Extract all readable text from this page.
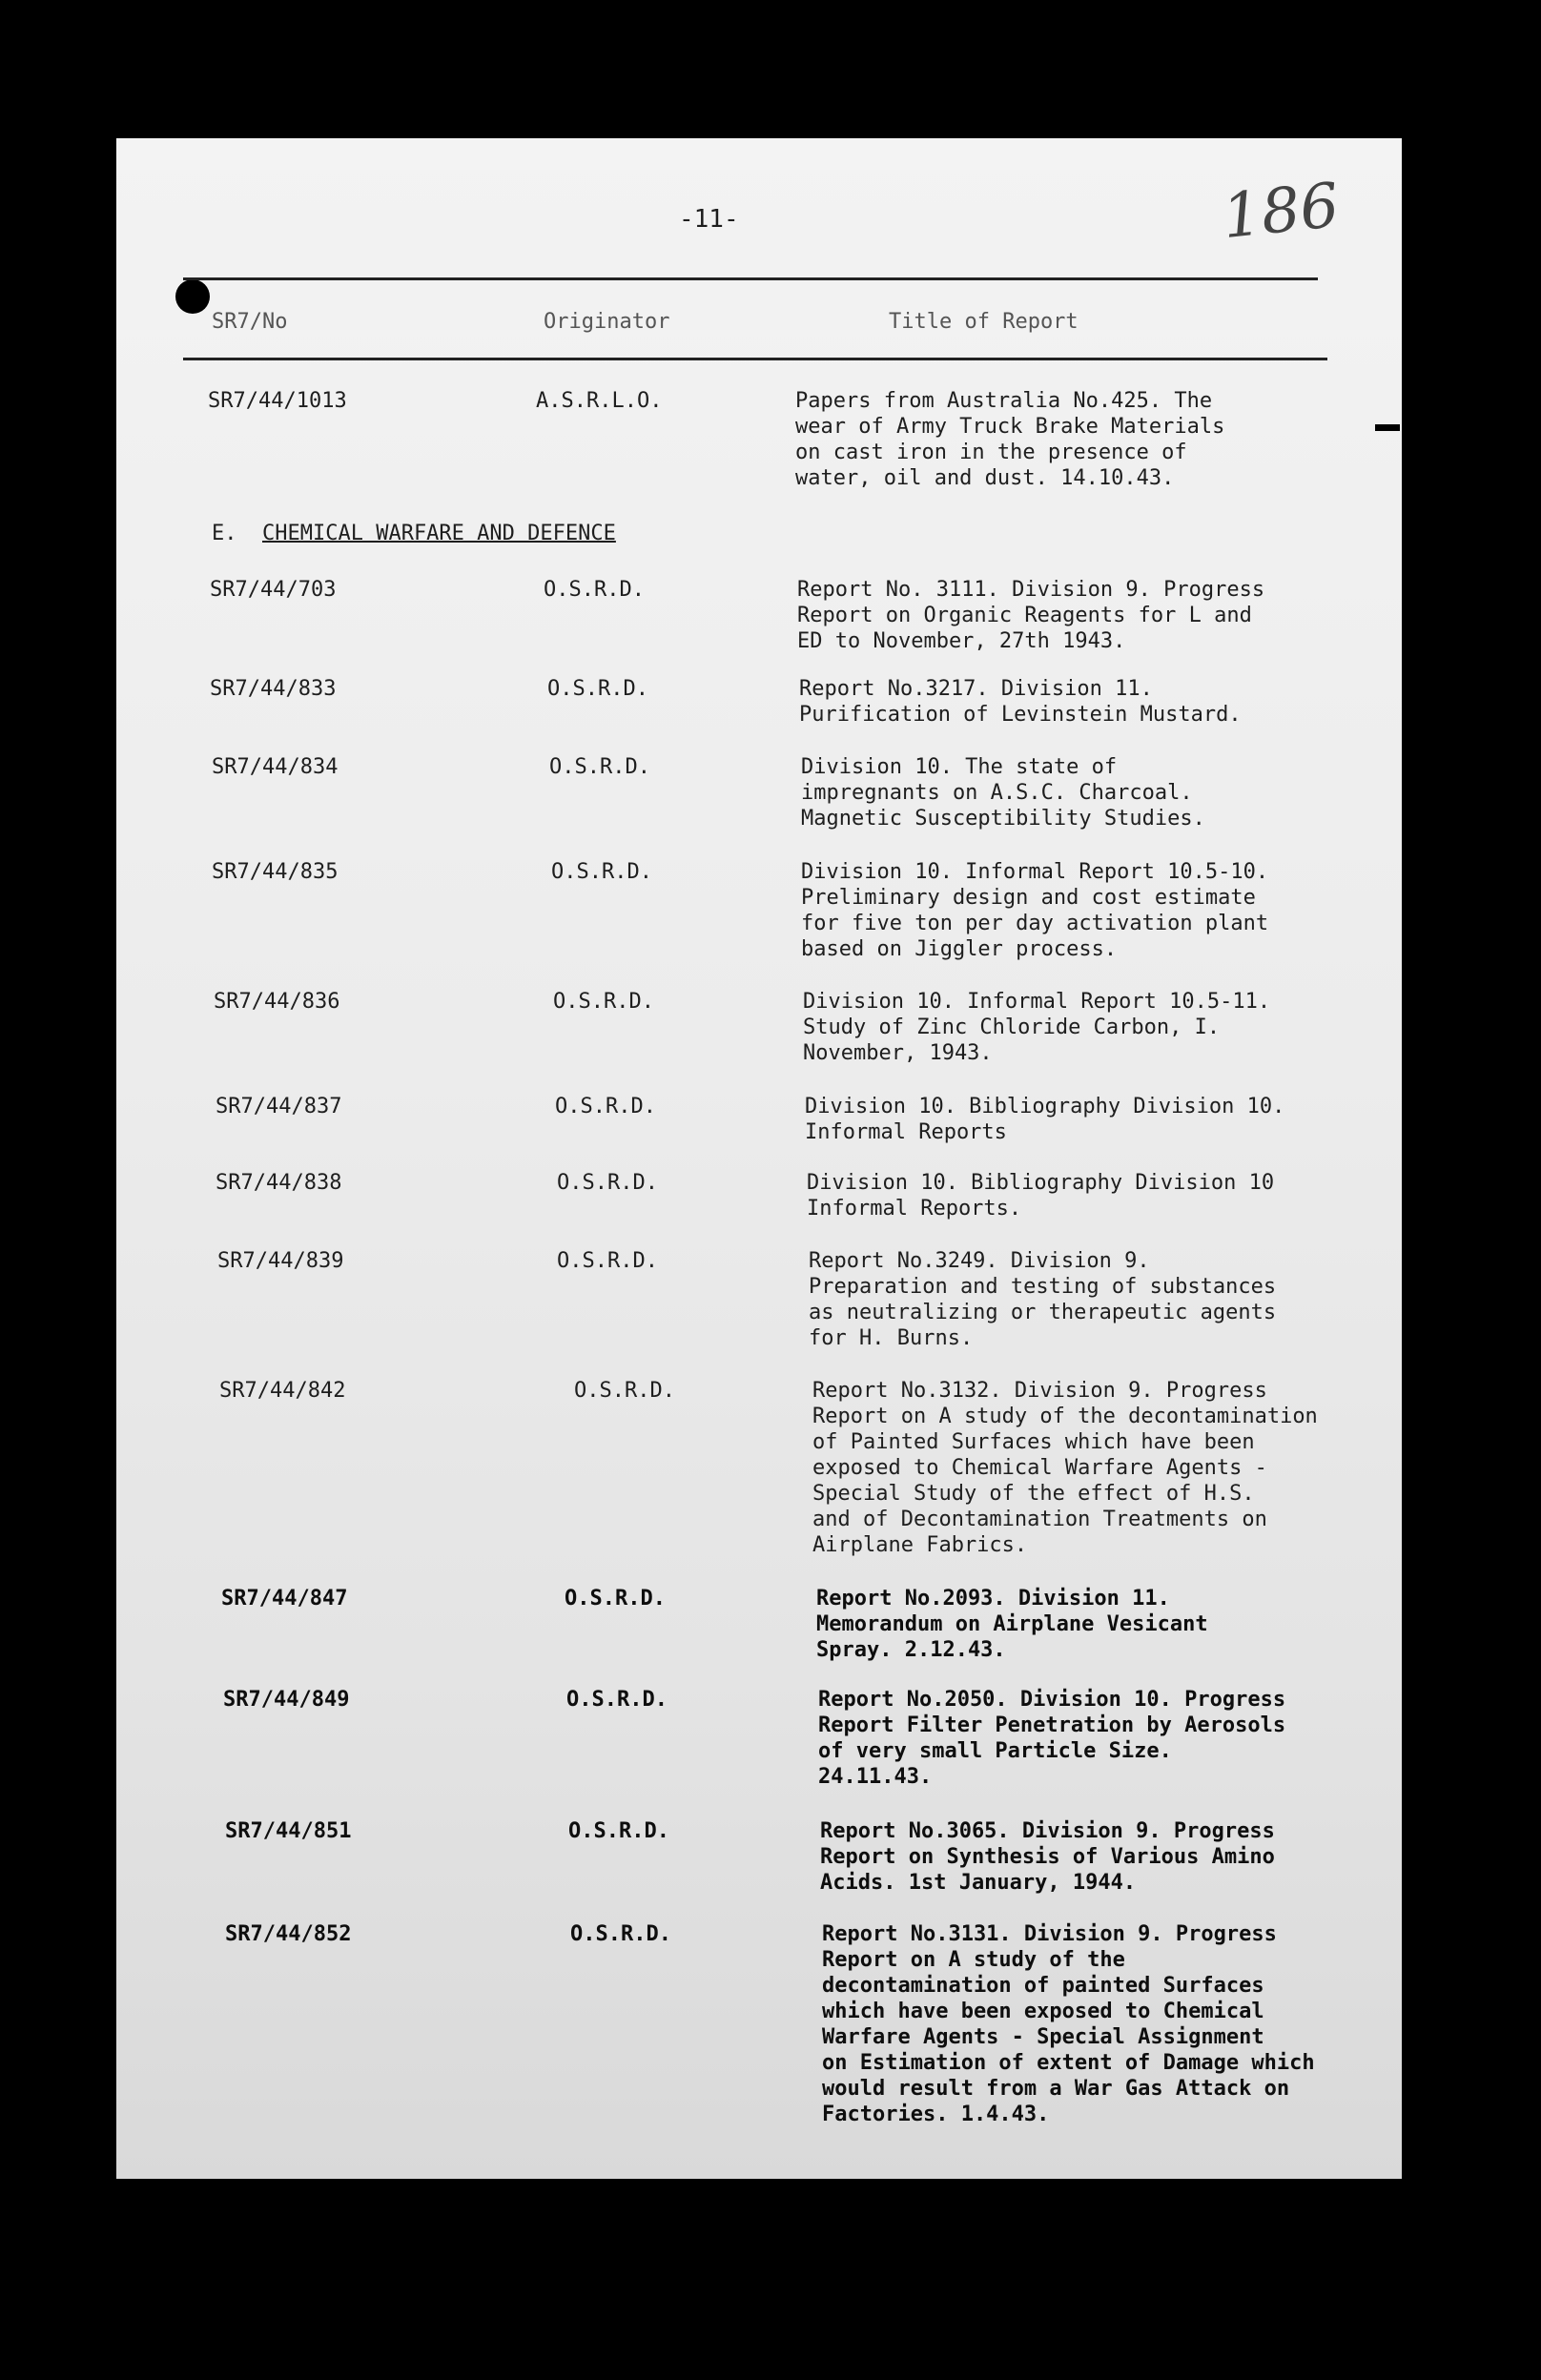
-11-	186
SR7/No	Originator	Title of Report
SR7/44/1013	A.S.R.L.O.	Papers from Australia No.425. The
wear of Army Truck Brake Materials
on cast iron in the presence of
water, oil and dust. 14.10.43.
E. CHEMICAL WARFARE AND DEFENCE
SR7/44/703	O.S.R.D.	Report No. 3111. Division 9. Progress
Report on Organic Reagents for L and
ED to November, 27th 1943.
SR7/44/833	O.S.R.D.	Report No.3217. Division 11.
Purification of Levinstein Mustard.
SR7/44/834	O.S.R.D.	Division 10. The state of
impregnants on A.S.C. Charcoal.
Magnetic Susceptibility Studies.
SR7/44/835	O.S.R.D.	Division 10. Informal Report 10.5-10.
Preliminary design and cost estimate
for five ton per day activation plant
based on Jiggler process.
SR7/44/836	O.S.R.D.	Division 10. Informal Report 10.5-11.
Study of Zinc Chloride Carbon, I.
November, 1943.
SR7/44/837	O.S.R.D.	Division 10. Bibliography Division 10.
Informal Reports
SR7/44/838	O.S.R.D.	Division 10. Bibliography Division 10
Informal Reports.
SR7/44/839	O.S.R.D.	Report No.3249. Division 9.
Preparation and testing of substances
as neutralizing or therapeutic agents
for H. Burns.
SR7/44/842	O.S.R.D.	Report No.3132. Division 9. Progress
Report on A study of the decontamination
of Painted Surfaces which have been
exposed to Chemical Warfare Agents -
Special Study of the effect of H.S.
and of Decontamination Treatments on
Airplane Fabrics.
SR7/44/847	O.S.R.D.	Report No.2093. Division 11.
Memorandum on Airplane Vesicant
Spray. 2.12.43.
SR7/44/849	O.S.R.D.	Report No.2050. Division 10. Progress
Report Filter Penetration by Aerosols
of very small Particle Size.
24.11.43.
SR7/44/851	O.S.R.D.	Report No.3065. Division 9. Progress
Report on Synthesis of Various Amino
Acids. 1st January, 1944.
SR7/44/852	O.S.R.D.	Report No.3131. Division 9. Progress
Report on A study of the
decontamination of painted Surfaces
which have been exposed to Chemical
Warfare Agents - Special Assignment
on Estimation of extent of Damage which
would result from a War Gas Attack on
Factories. 1.4.43.
